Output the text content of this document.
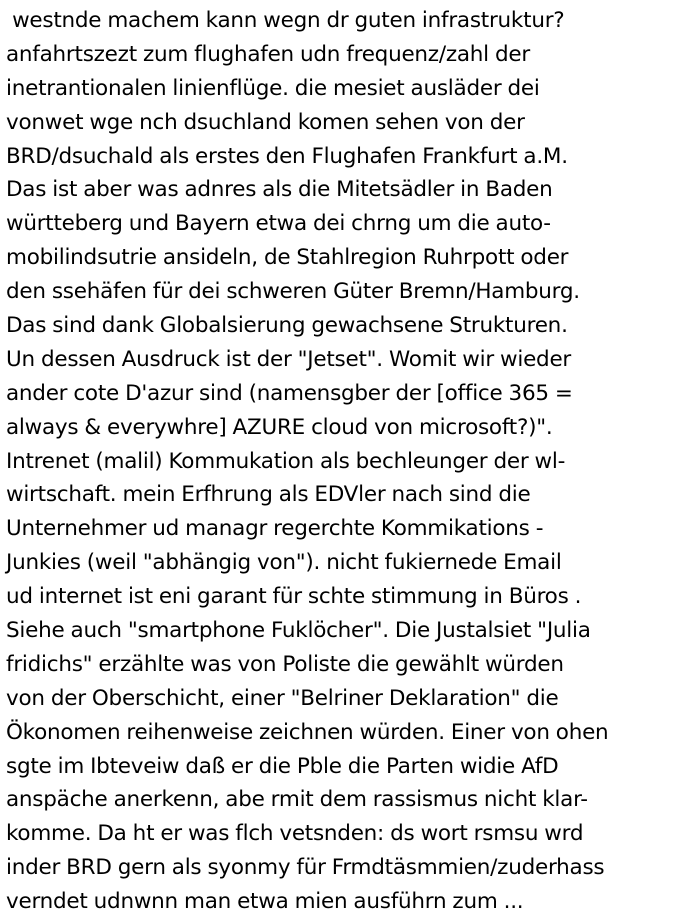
westnde machem kann wegn dr guten infrastruktur?
anfahrtszezt zum flughafen udn frequenz/zahl der
inetrantionalen linienflüge. die mesiet ausläder dei
vonwet wge nch dsuchland komen sehen von der
BRD/dsuchald als erstes den Flughafen Frankfurt a.M.
Das ist aber was adnres als die Mitetsädler in Baden
württeberg und Bayern etwa dei chrng um die auto-
mobilindsutrie ansideln, de Stahlregion Ruhrpott oder
den ssehäfen für dei schweren Güter Bremn/Hamburg.
Das sind dank Globalsierung gewachsene Strukturen.
Un dessen Ausdruck ist der "Jetset". Womit wir wieder
ander cote D'azur sind (namensgber der [office 365 =
always & everywhre] AZURE cloud von microsoft?)".
Intrenet (malil) Kommukation als bechleunger der wl-
wirtschaft. mein Erfhrung als EDVler nach sind die
Unternehmer ud managr regerchte Kommikations -
Junkies (weil "abhängig von"). nicht fukiernede Email
ud internet ist eni garant für schte stimmung in Büros .
Siehe auch "smartphone Fuklöcher". Die Justalsiet "Julia
fridichs" erzählte was von Poliste die gewählt würden
von der Oberschicht, einer "Belriner Deklaration" die
Ökonomen reihenweise zeichnen würden. Einer von ohen
sgte im Ibteveiw daß er die Pble die Parten widie AfD
anspäche anerkenn, abe rmit dem rassismus nicht klar-
komme. Da ht er was flch vetsnden: ds wort rsmsu wrd
inder BRD gern als syonmy für Frmdtäsmmien/zuderhass
verndet udnwnn man etwa mien ausführn zum ...
